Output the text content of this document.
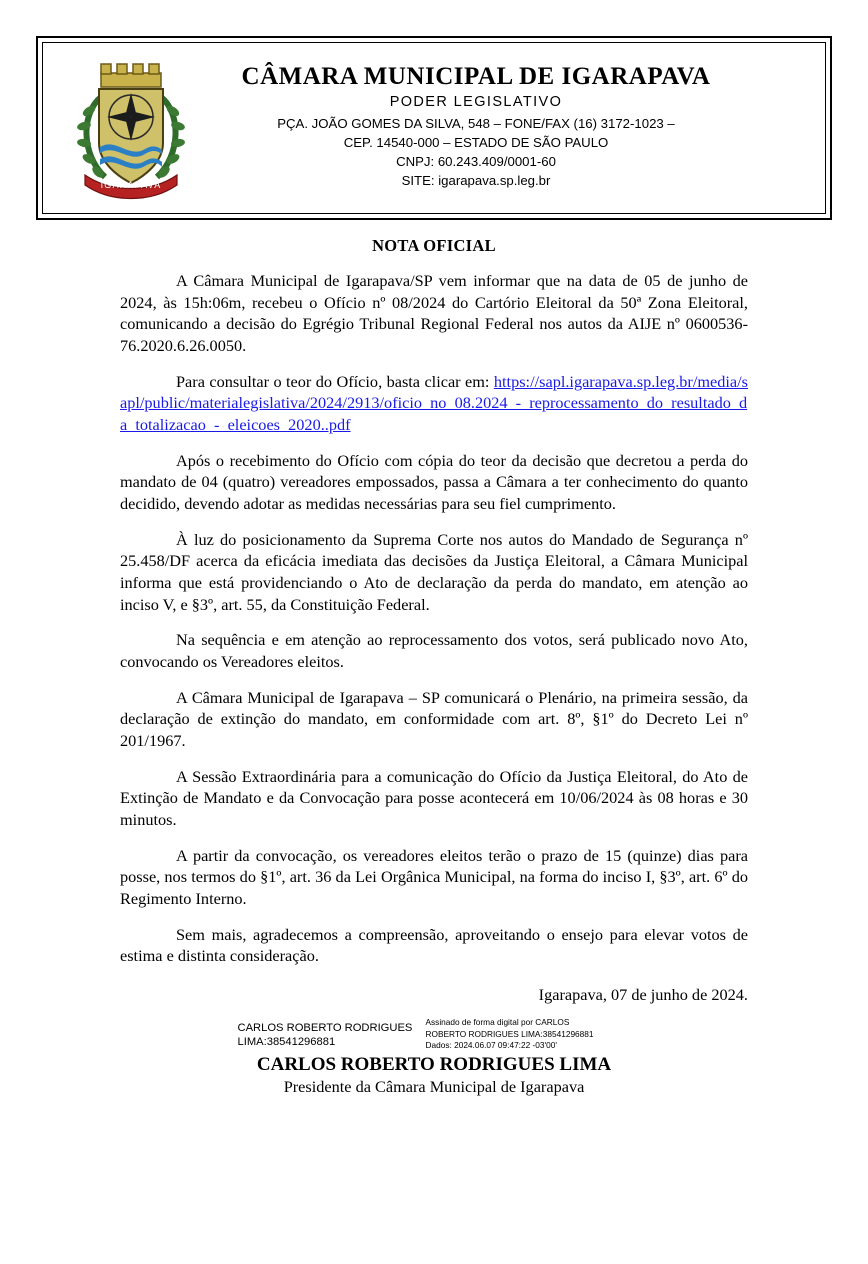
IGARAPAVA
CÂMARA MUNICIPAL DE IGARAPAVA
PODER LEGISLATIVO
PÇA. JOÃO GOMES DA SILVA, 548 – FONE/FAX (16) 3172-1023 –
CEP. 14540-000 – ESTADO DE SÃO PAULO
CNPJ: 60.243.409/0001-60
SITE: igarapava.sp.leg.br
NOTA OFICIAL

A Câmara Municipal de Igarapava/SP vem informar que na data de 05 de junho de 2024, às 15h:06m, recebeu o Ofício nº 08/2024 do Cartório Eleitoral da 50ª Zona Eleitoral, comunicando a decisão do Egrégio Tribunal Regional Federal nos autos da AIJE nº 0600536-76.2020.6.26.0050.

Para consultar o teor do Ofício, basta clicar em: https://sapl.igarapava.sp.leg.br/media/sapl/public/materialegislativa/2024/2913/oficio_no_08.2024_-_reprocessamento_do_resultado_da_totalizacao_-_eleicoes_2020..pdf

Após o recebimento do Ofício com cópia do teor da decisão que decretou a perda do mandato de 04 (quatro) vereadores empossados, passa a Câmara a ter conhecimento do quanto decidido, devendo adotar as medidas necessárias para seu fiel cumprimento.

À luz do posicionamento da Suprema Corte nos autos do Mandado de Segurança nº 25.458/DF acerca da eficácia imediata das decisões da Justiça Eleitoral, a Câmara Municipal informa que está providenciando o Ato de declaração da perda do mandato, em atenção ao inciso V, e §3º, art. 55, da Constituição Federal.

Na sequência e em atenção ao reprocessamento dos votos, será publicado novo Ato, convocando os Vereadores eleitos.

A Câmara Municipal de Igarapava – SP comunicará o Plenário, na primeira sessão, da declaração de extinção do mandato, em conformidade com art. 8º, §1º do Decreto Lei nº 201/1967.

A Sessão Extraordinária para a comunicação do Ofício da Justiça Eleitoral, do Ato de Extinção de Mandato e da Convocação para posse acontecerá em 10/06/2024 às 08 horas e 30 minutos.

A partir da convocação, os vereadores eleitos terão o prazo de 15 (quinze) dias para posse, nos termos do §1º, art. 36 da Lei Orgânica Municipal, na forma do inciso I, §3º, art. 6º do Regimento Interno.

Sem mais, agradecemos a compreensão, aproveitando o ensejo para elevar votos de estima e distinta consideração.

Igarapava, 07 de junho de 2024.
CARLOS ROBERTO RODRIGUES LIMA:38541296881
Assinado de forma digital por CARLOS
ROBERTO RODRIGUES LIMA:38541296881
Dados: 2024.06.07 09:47:22 -03'00'
CARLOS ROBERTO RODRIGUES LIMA
Presidente da Câmara Municipal de Igarapava
